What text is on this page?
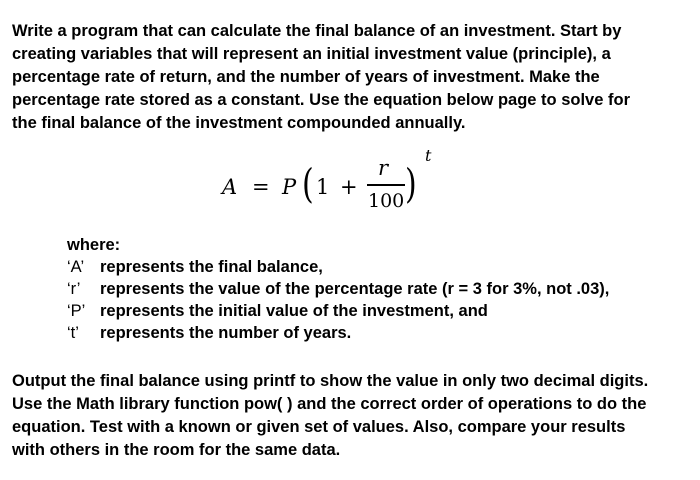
Write a program that can calculate the final balance of an investment. Start by
creating variables that will represent an initial investment value (principle), a
percentage rate of return, and the number of years of investment. Make the
percentage rate stored as a constant. Use the equation below page to solve for
the final balance of the investment compounded annually.
A = P ( 1 +
r
100 )
t
where:
‘A’ represents the final balance,
‘r’	represents the value of the percentage rate (r = 3 for 3%, not .03),
‘P’ represents the initial value of the investment, and
‘t’	represents the number of years.
Output the final balance using printf to show the value in only two decimal digits.
Use the Math library function pow( ) and the correct order of operations to do the
equation. Test with a known or given set of values. Also, compare your results
with others in the room for the same data.
